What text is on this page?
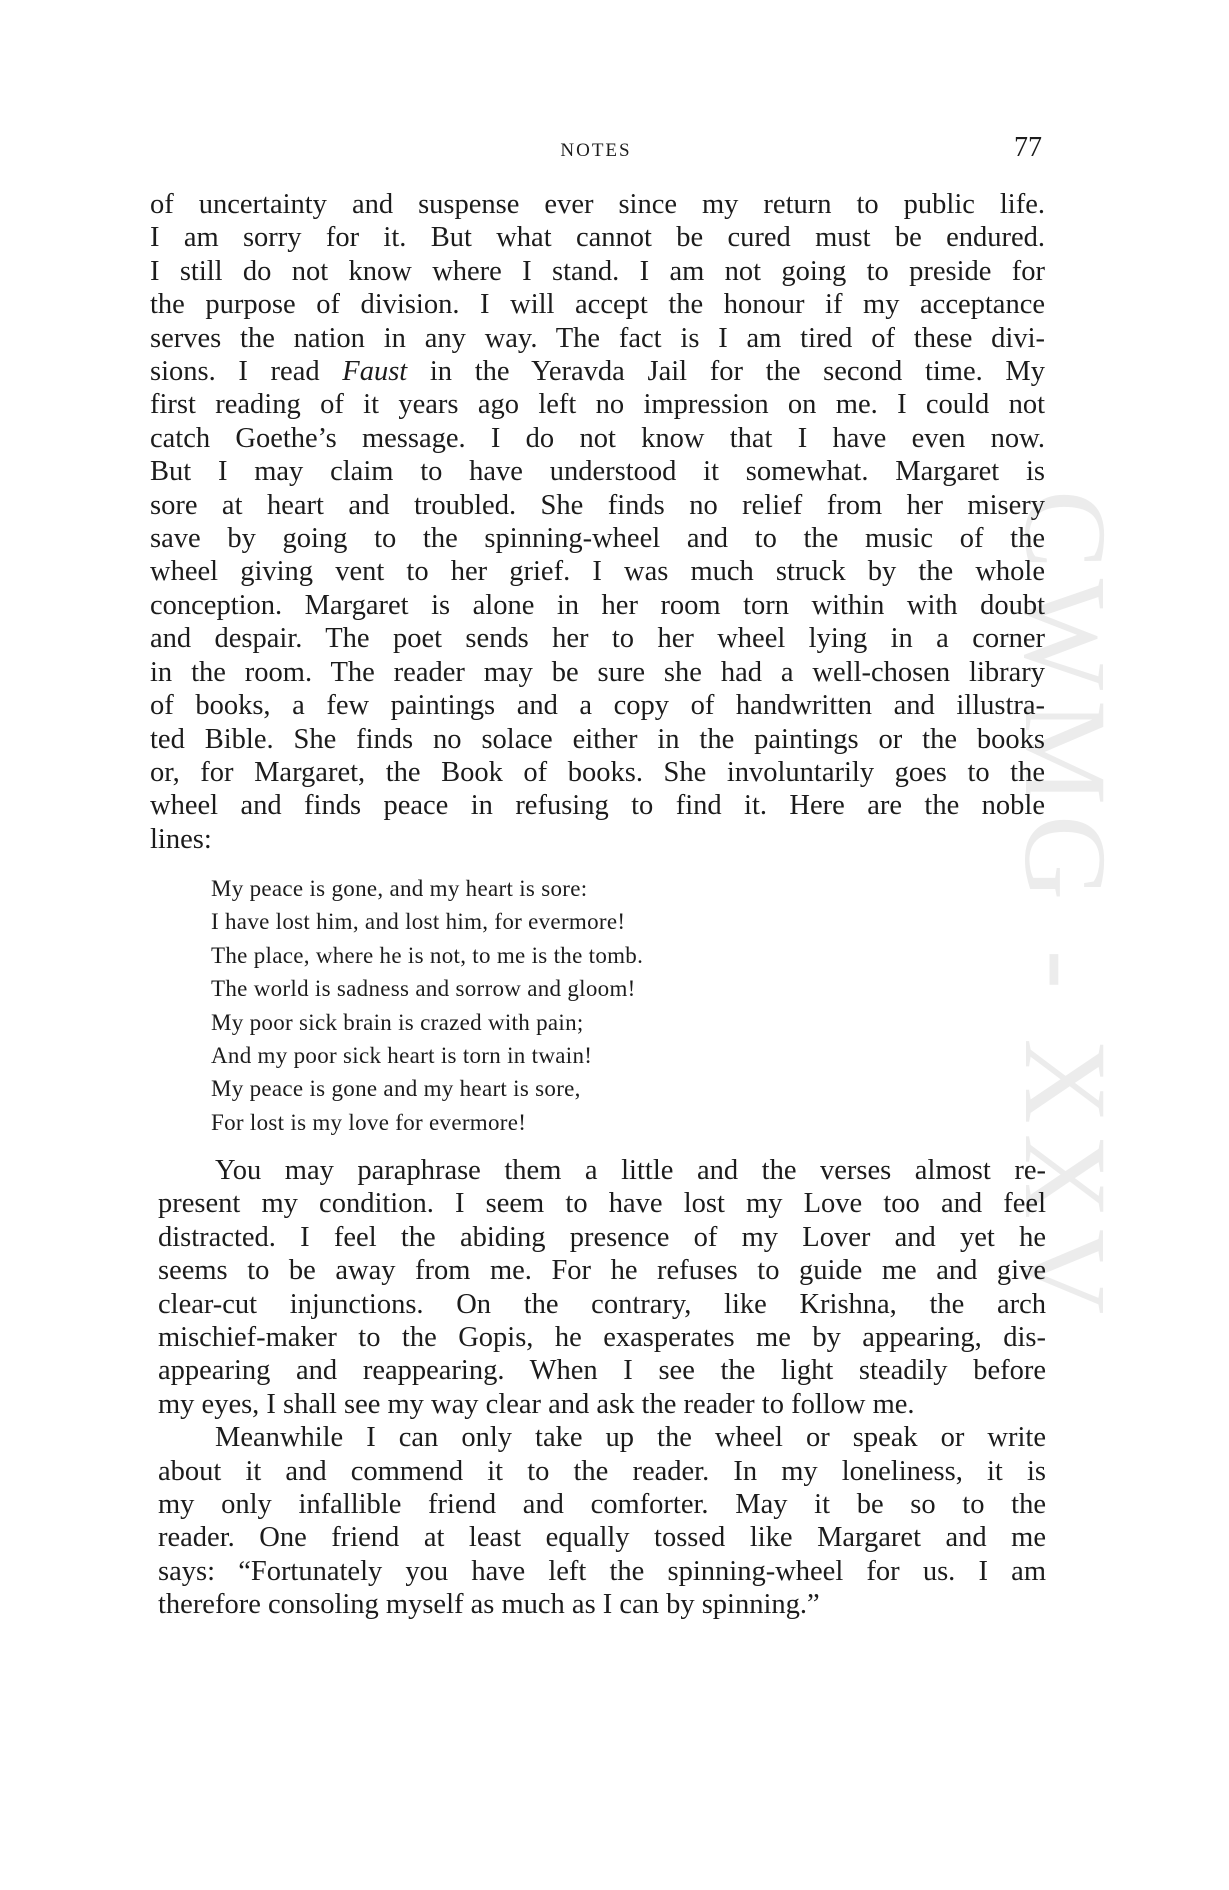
CWMG - XXV
NOTES	77
of uncertainty and suspense ever since my return to public life.
I am sorry for it. But what cannot be cured must be endured.
I still do not know where I stand. I am not going to preside for
the purpose of division. I will accept the honour if my acceptance
serves the nation in any way. The fact is I am tired of these divi-
sions. I read Faust in the Yeravda Jail for the second time. My
first reading of it years ago left no impression on me. I could not
catch Goethe’s message. I do not know that I have even now.
But I may claim to have understood it somewhat. Margaret is
sore at heart and troubled. She finds no relief from her misery
save by going to the spinning-wheel and to the music of the
wheel giving vent to her grief. I was much struck by the whole
conception. Margaret is alone in her room torn within with doubt
and despair. The poet sends her to her wheel lying in a corner
in the room. The reader may be sure she had a well-chosen library
of books, a few paintings and a copy of handwritten and illustra-
ted Bible. She finds no solace either in the paintings or the books
or, for Margaret, the Book of books. She involuntarily goes to the
wheel and finds peace in refusing to find it. Here are the noble
lines:
My peace is gone, and my heart is sore:
I have lost him, and lost him, for evermore!
The place, where he is not, to me is the tomb.
The world is sadness and sorrow and gloom!
My poor sick brain is crazed with pain;
And my poor sick heart is torn in twain!
My peace is gone and my heart is sore,
For lost is my love for evermore!
You may paraphrase them a little and the verses almost re-
present my condition. I seem to have lost my Love too and feel
distracted. I feel the abiding presence of my Lover and yet he
seems to be away from me. For he refuses to guide me and give
clear-cut injunctions. On the contrary, like Krishna, the arch
mischief-maker to the Gopis, he exasperates me by appearing, dis-
appearing and reappearing. When I see the light steadily before
my eyes, I shall see my way clear and ask the reader to follow me.
Meanwhile I can only take up the wheel or speak or write
about it and commend it to the reader. In my loneliness, it is
my only infallible friend and comforter. May it be so to the
reader. One friend at least equally tossed like Margaret and me
says: “Fortunately you have left the spinning-wheel for us. I am
therefore consoling myself as much as I can by spinning.”
